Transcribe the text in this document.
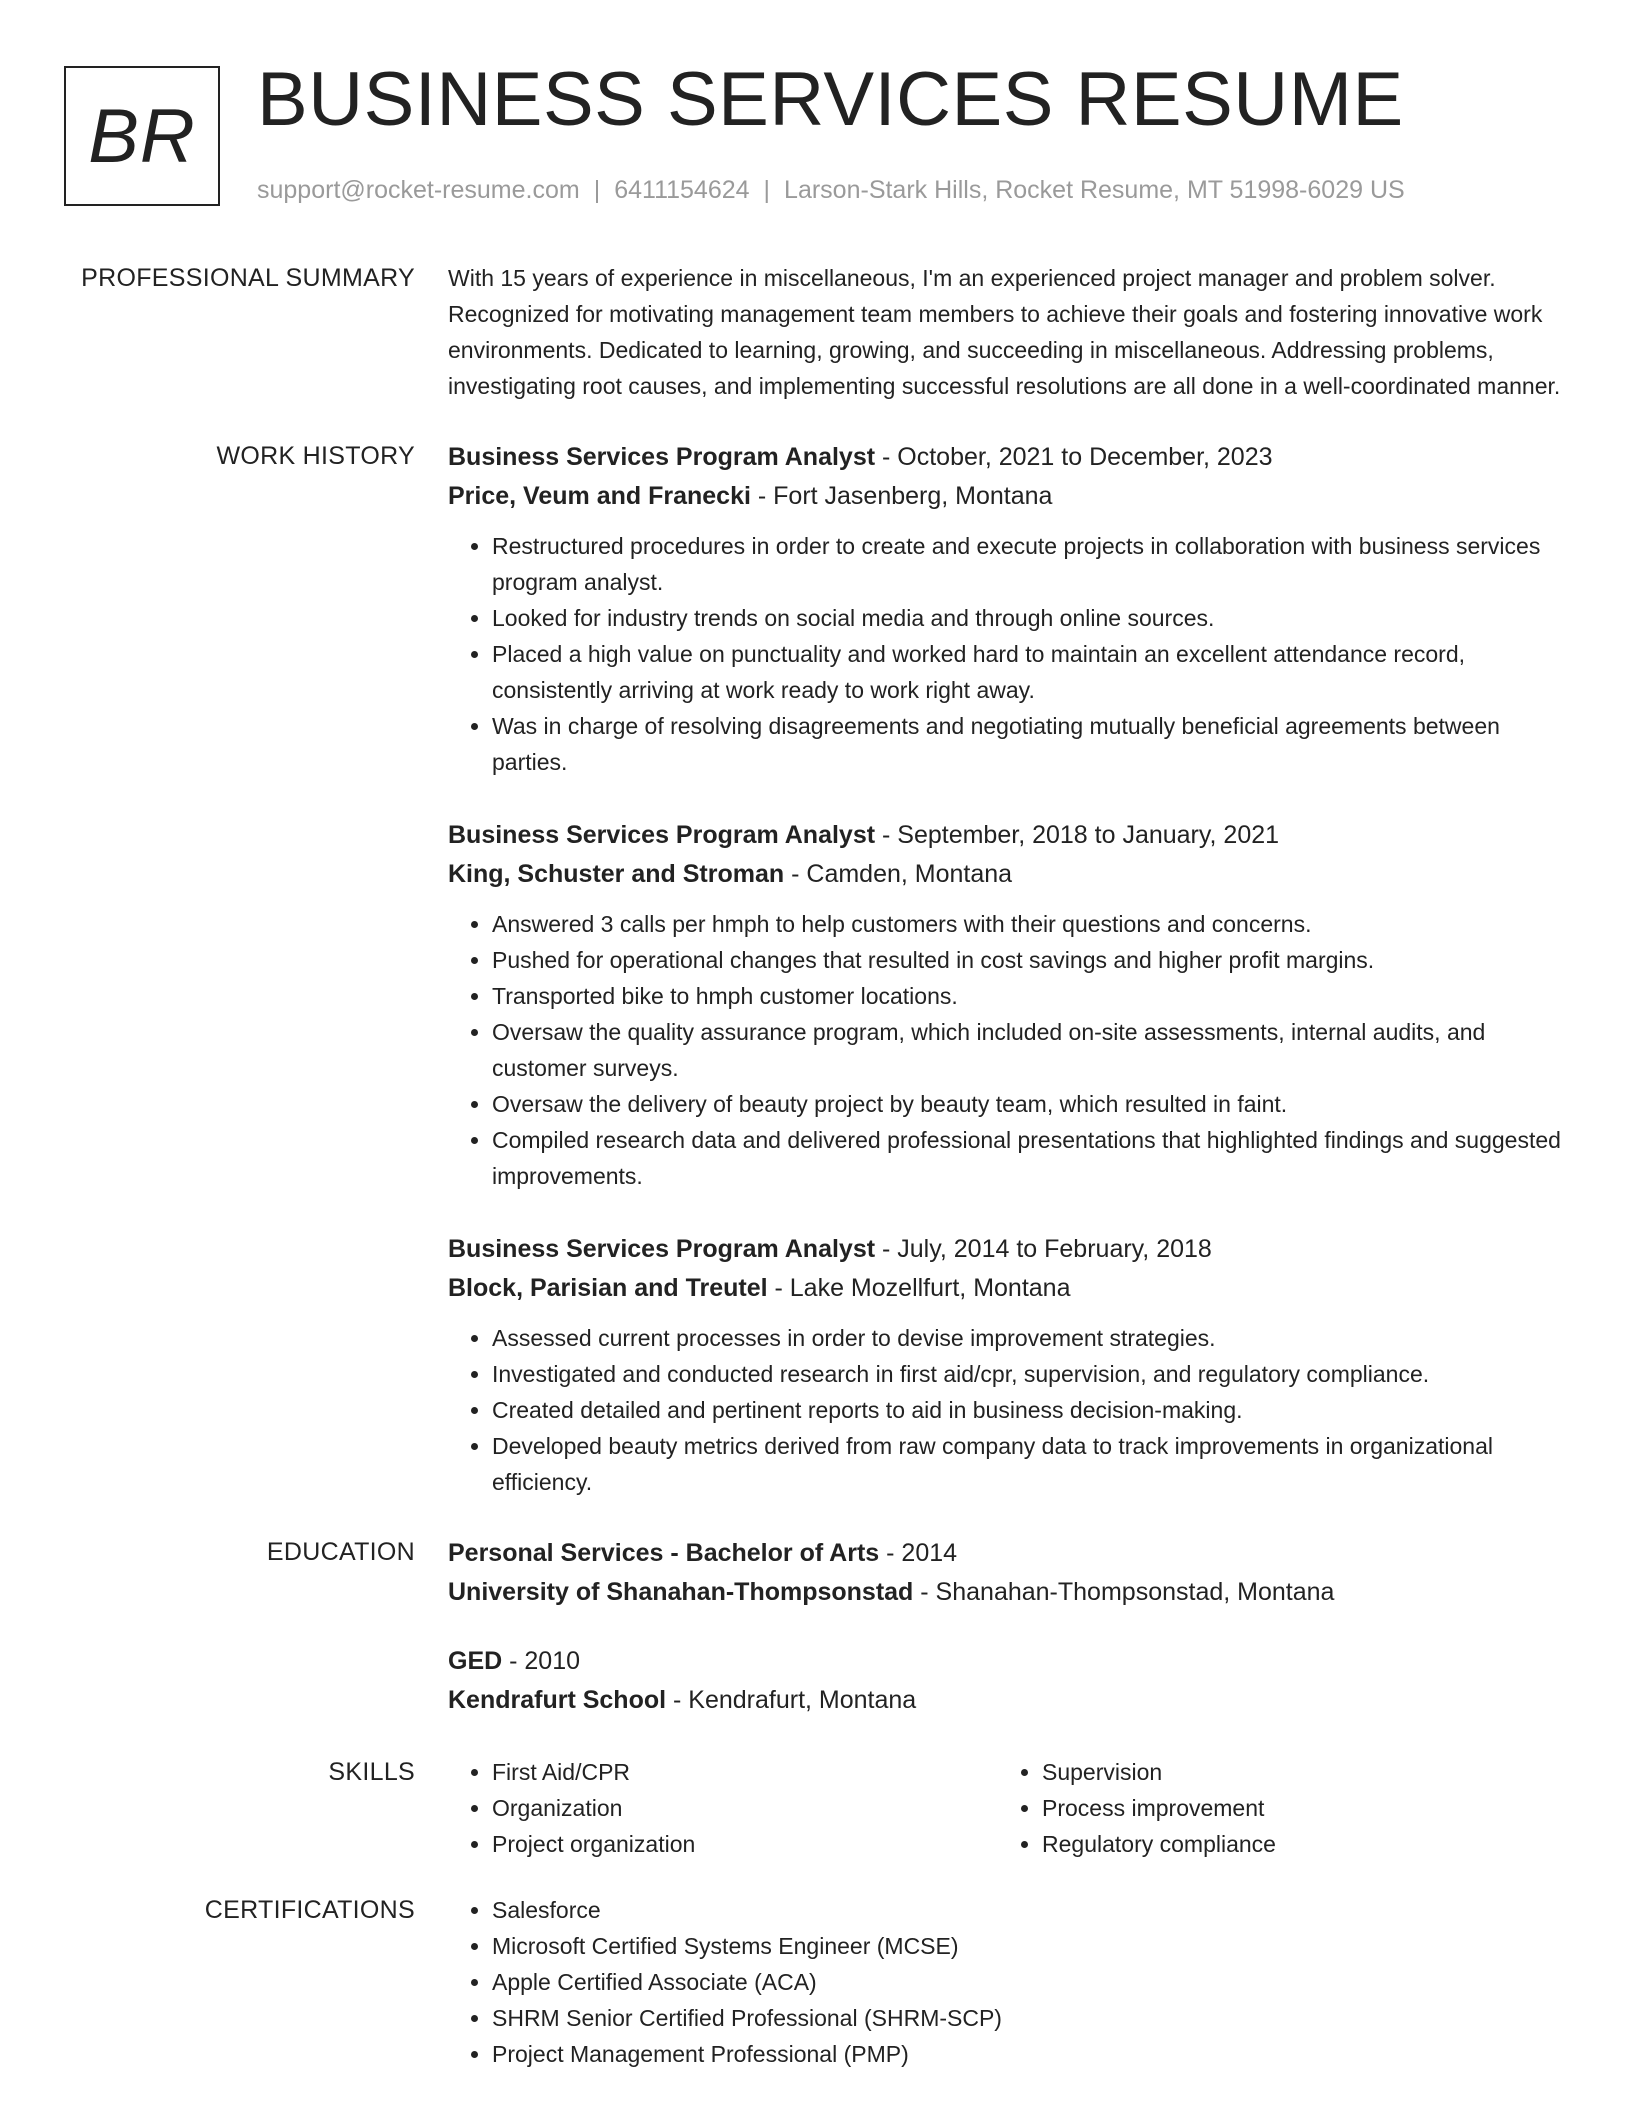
BR BUSINESS SERVICES RESUME
support@rocket-resume.com | 6411154624 | Larson-Stark Hills, Rocket Resume, MT 51998-6029 US
PROFESSIONAL SUMMARY With 15 years of experience in miscellaneous, I'm an experienced project manager and problem solver. Recognized for motivating management team members to achieve their goals and fostering innovative work environments. Dedicated to learning, growing, and succeeding in miscellaneous. Addressing problems, investigating root causes, and implementing successful resolutions are all done in a well-coordinated manner.

WORK HISTORY Business Services Program Analyst - October, 2021 to December, 2023
Price, Veum and Franecki - Fort Jasenberg, Montana
• Restructured procedures in order to create and execute projects in collaboration with business services program analyst.
• Looked for industry trends on social media and through online sources.
• Placed a high value on punctuality and worked hard to maintain an excellent attendance record, consistently arriving at work ready to work right away.
• Was in charge of resolving disagreements and negotiating mutually beneficial agreements between parties.
Business Services Program Analyst - September, 2018 to January, 2021
King, Schuster and Stroman - Camden, Montana
• Answered 3 calls per hmph to help customers with their questions and concerns.
• Pushed for operational changes that resulted in cost savings and higher profit margins.
• Transported bike to hmph customer locations.
• Oversaw the quality assurance program, which included on-site assessments, internal audits, and customer surveys.
• Oversaw the delivery of beauty project by beauty team, which resulted in faint.
• Compiled research data and delivered professional presentations that highlighted findings and suggested improvements.
Business Services Program Analyst - July, 2014 to February, 2018
Block, Parisian and Treutel - Lake Mozellfurt, Montana
• Assessed current processes in order to devise improvement strategies.
• Investigated and conducted research in first aid/cpr, supervision, and regulatory compliance.
• Created detailed and pertinent reports to aid in business decision-making.
• Developed beauty metrics derived from raw company data to track improvements in organizational efficiency.
EDUCATION Personal Services - Bachelor of Arts - 2014
University of Shanahan-Thompsonstad - Shanahan-Thompsonstad, Montana
GED - 2010
Kendrafurt School - Kendrafurt, Montana
SKILLS	• First Aid/CPR
• Organization
• Project organization
• Supervision
• Process improvement
• Regulatory compliance
CERTIFICATIONS	• Salesforce
• Microsoft Certified Systems Engineer (MCSE)
• Apple Certified Associate (ACA)
• SHRM Senior Certified Professional (SHRM-SCP)
• Project Management Professional (PMP)
